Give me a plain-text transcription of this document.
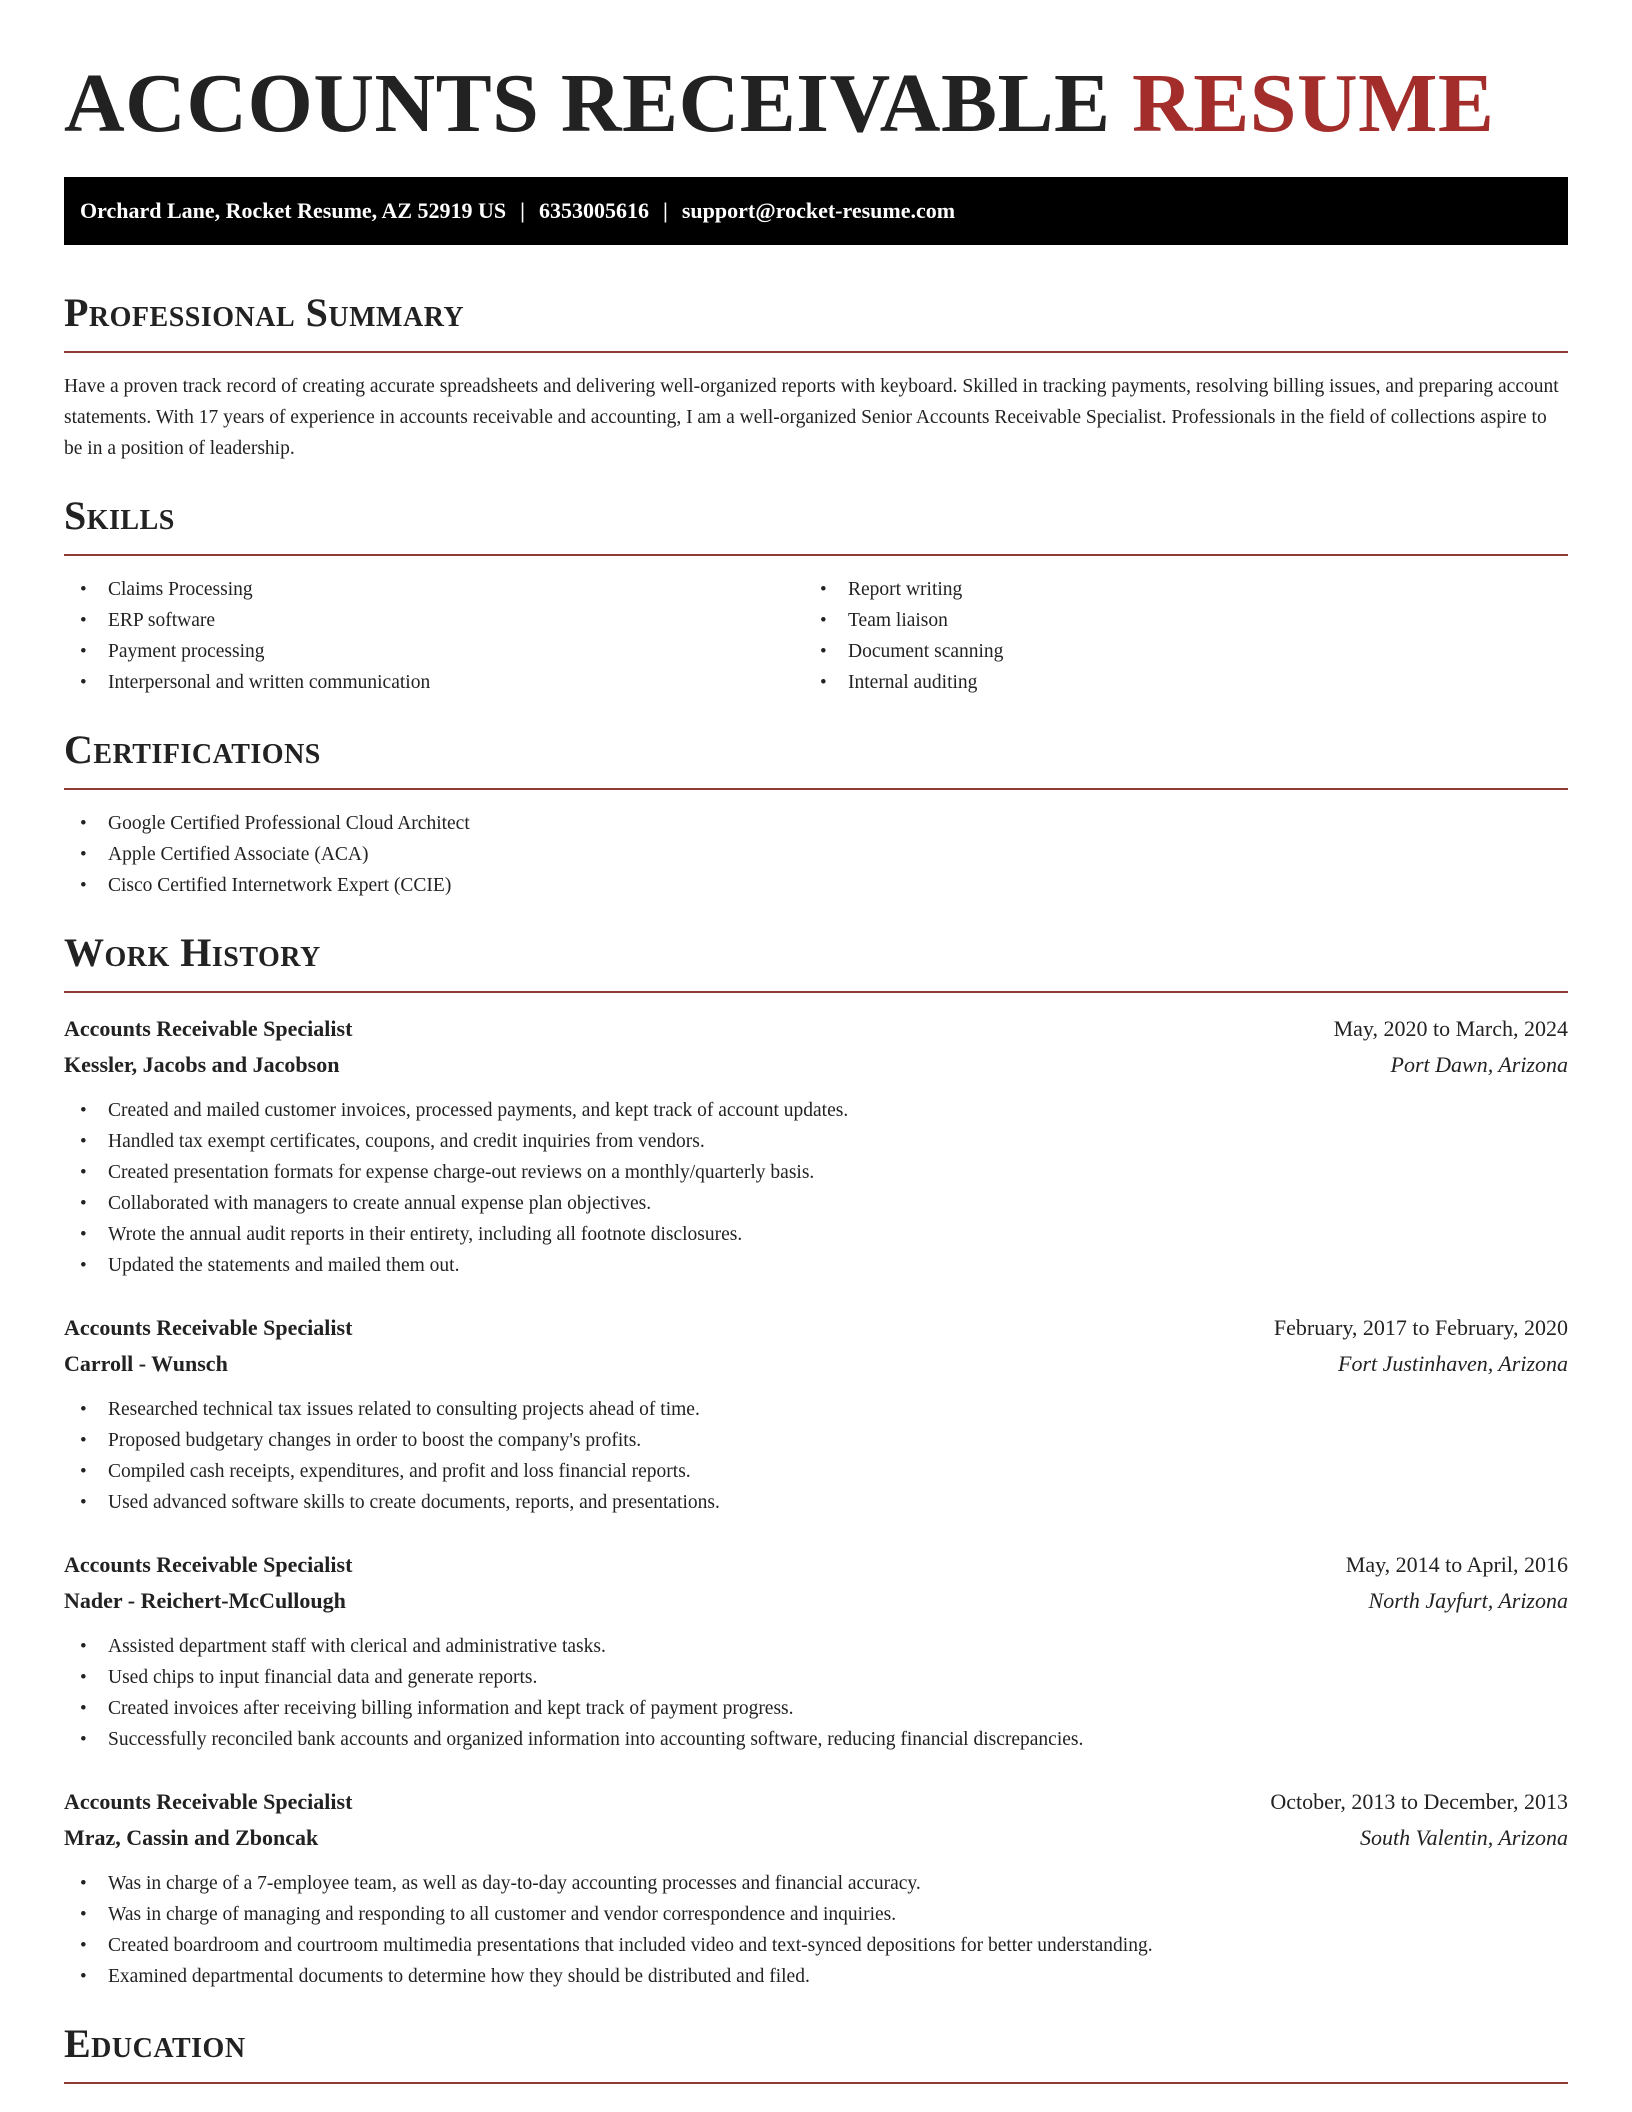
ACCOUNTS RECEIVABLE RESUME
Orchard Lane, Rocket Resume, AZ 52919 US | 6353005616 | support@rocket-resume.com
Professional Summary

Have a proven track record of creating accurate spreadsheets and delivering well-organized reports with keyboard. Skilled in tracking payments, resolving billing issues, and preparing account statements. With 17 years of experience in accounts receivable and accounting, I am a well-organized Senior Accounts Receivable Specialist. Professionals in the field of collections aspire to be in a position of leadership.

Skills
• Claims Processing
• ERP software
• Payment processing
• Interpersonal and written communication
• Report writing
• Team liaison
• Document scanning
• Internal auditing
Certifications
• Google Certified Professional Cloud Architect
• Apple Certified Associate (ACA)
• Cisco Certified Internetwork Expert (CCIE)
Work History
Accounts Receivable Specialist	May, 2020 to March, 2024
Kessler, Jacobs and Jacobson	Port Dawn, Arizona
• Created and mailed customer invoices, processed payments, and kept track of account updates.
• Handled tax exempt certificates, coupons, and credit inquiries from vendors.
• Created presentation formats for expense charge-out reviews on a monthly/quarterly basis.
• Collaborated with managers to create annual expense plan objectives.
• Wrote the annual audit reports in their entirety, including all footnote disclosures.
• Updated the statements and mailed them out.
Accounts Receivable Specialist	February, 2017 to February, 2020
Carroll - Wunsch	Fort Justinhaven, Arizona
• Researched technical tax issues related to consulting projects ahead of time.
• Proposed budgetary changes in order to boost the company's profits.
• Compiled cash receipts, expenditures, and profit and loss financial reports.
• Used advanced software skills to create documents, reports, and presentations.
Accounts Receivable Specialist	May, 2014 to April, 2016
Nader - Reichert-McCullough	North Jayfurt, Arizona
• Assisted department staff with clerical and administrative tasks.
• Used chips to input financial data and generate reports.
• Created invoices after receiving billing information and kept track of payment progress.
• Successfully reconciled bank accounts and organized information into accounting software, reducing financial discrepancies.
Accounts Receivable Specialist	October, 2013 to December, 2013
Mraz, Cassin and Zboncak	South Valentin, Arizona
• Was in charge of a 7-employee team, as well as day-to-day accounting processes and financial accuracy.
• Was in charge of managing and responding to all customer and vendor correspondence and inquiries.
• Created boardroom and courtroom multimedia presentations that included video and text-synced depositions for better understanding.
• Examined departmental documents to determine how they should be distributed and filed.
Education
